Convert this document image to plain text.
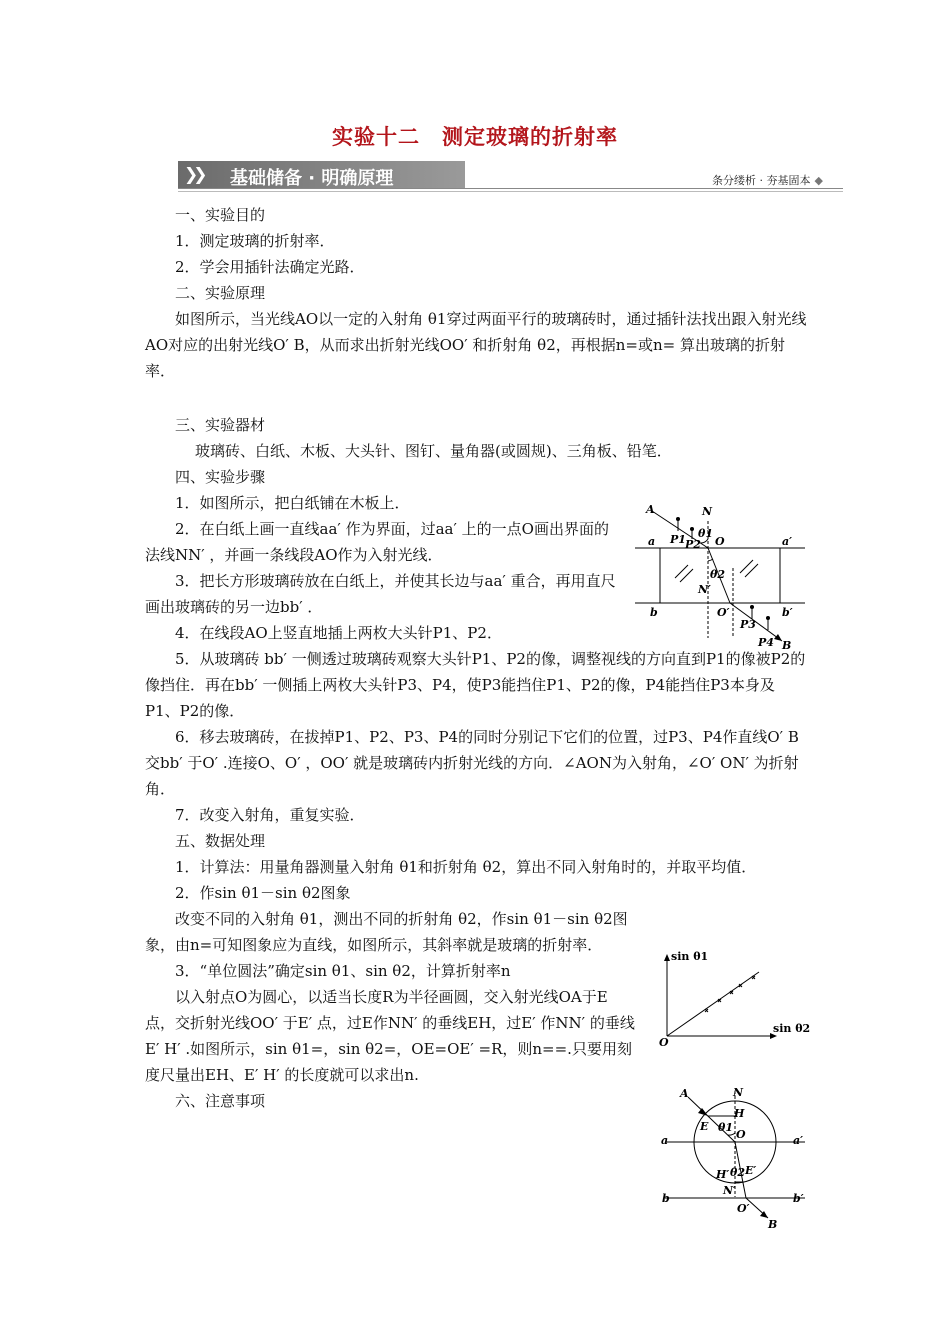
实验十二　测定玻璃的折射率
❯❯ 基础储备 · 明确原理	条分缕析 · 夯基固本 ◆

一、实验目的

1．测定玻璃的折射率．

2．学会用插针法确定光路．

二、实验原理

如图所示，当光线AO以一定的入射角 θ1穿过两面平行的玻璃砖时，通过插针法找出跟入射光线AO对应的出射光线O′ B，从而求出折射光线OO′ 和折射角 θ2，再根据n=或n= 算出玻璃的折射率．

三、实验器材

玻璃砖、白纸、木板、大头针、图钉、量角器(或圆规)、三角板、铅笔．

四、实验步骤

1．如图所示，把白纸铺在木板上．

2．在白纸上画一直线aa′ 作为界面，过aa′ 上的一点O画出界面的法线NN′ ，并画一条线段AO作为入射光线．

3．把长方形玻璃砖放在白纸上，并使其长边与aa′ 重合，再用直尺画出玻璃砖的另一边bb′ ．

4．在线段AO上竖直地插上两枚大头针P1、P2．

5．从玻璃砖 bb′ 一侧透过玻璃砖观察大头针P1、P2的像，调整视线的方向直到P1的像被P2的像挡住．再在bb′ 一侧插上两枚大头针P3、P4，使P3能挡住P1、P2的像，P4能挡住P3本身及P1、P2的像．

6．移去玻璃砖，在拔掉P1、P2、P3、P4的同时分别记下它们的位置，过P3、P4作直线O′ B交bb′ 于O′ .连接O、O′ ，OO′ 就是玻璃砖内折射光线的方向．∠AON为入射角，∠O′ ON′ 为折射角．

7．改变入射角，重复实验．

五、数据处理

1．计算法：用量角器测量入射角 θ1和折射角 θ2，算出不同入射角时的，并取平均值．

2．作sin θ1－sin θ2图象

改变不同的入射角 θ1，测出不同的折射角 θ2，作sin θ1－sin θ2图象，由n=可知图象应为直线，如图所示，其斜率就是玻璃的折射率．

3．“单位圆法”确定sin θ1、sin θ2，计算折射率n

以入射点O为圆心，以适当长度R为半径画圆，交入射光线OA于E点，交折射光线OO′ 于E′ 点，过E作NN′ 的垂线EH，过E′ 作NN′ 的垂线E′ H′ .如图所示，sin θ1=，sin θ2=，OE=OE′ =R，则n==.只要用刻度尺量出EH、E′ H′ 的长度就可以求出n.

六、注意事项

A	N
P1 P2
θ1
O
a	a′
θ2
N′
b	b′
O′
P3
P4 B
sin θ1
sin θ2
O
A	N
H
E θ1
O
a	a′
H′ θ2 E′
N′
b	b′
O′
B
